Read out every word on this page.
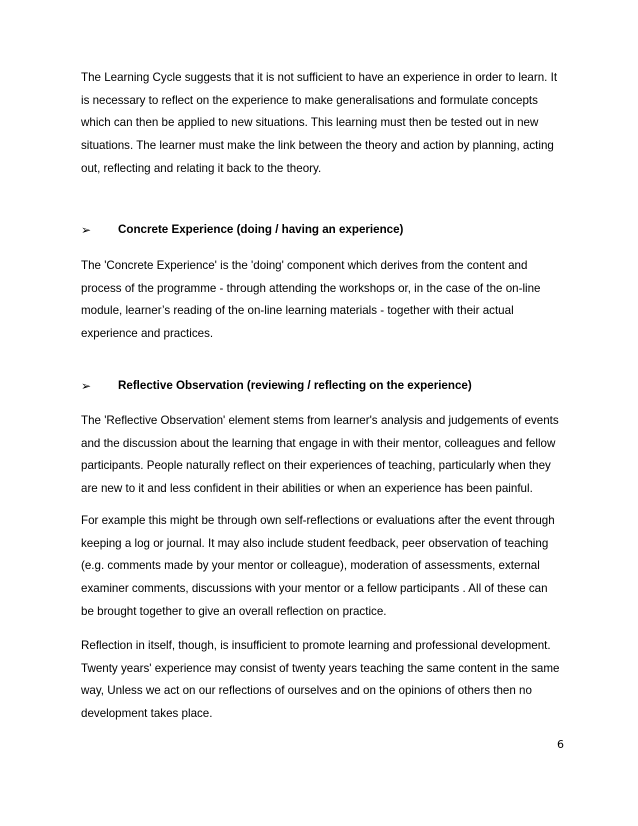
The Learning Cycle suggests that it is not sufficient to have an experience in order to learn. It is necessary to reflect on the experience to make generalisations and formulate concepts which can then be applied to new situations. This learning must then be tested out in new situations. The learner must make the link between the theory and action by planning, acting out, reflecting and relating it back to the theory.

➢	Concrete Experience (doing / having an experience)

The 'Concrete Experience' is the 'doing' component which derives from the content and process of the programme - through attending the workshops or, in the case of the on-line module, learner’s reading of the on-line learning materials - together with their actual experience and practices.

➢	Reflective Observation (reviewing / reflecting on the experience)

The 'Reflective Observation' element stems from learner's analysis and judgements of events and the discussion about the learning that engage in with their mentor, colleagues and fellow participants. People naturally reflect on their experiences of teaching, particularly when they are new to it and less confident in their abilities or when an experience has been painful.

For example this might be through own self-reflections or evaluations after the event through keeping a log or journal. It may also include student feedback, peer observation of teaching (e.g. comments made by your mentor or colleague), moderation of assessments, external examiner comments, discussions with your mentor or a fellow participants . All of these can be brought together to give an overall reflection on practice.

Reflection in itself, though, is insufficient to promote learning and professional development. Twenty years' experience may consist of twenty years teaching the same content in the same way, Unless we act on our reflections of ourselves and on the opinions of others then no development takes place.

6
